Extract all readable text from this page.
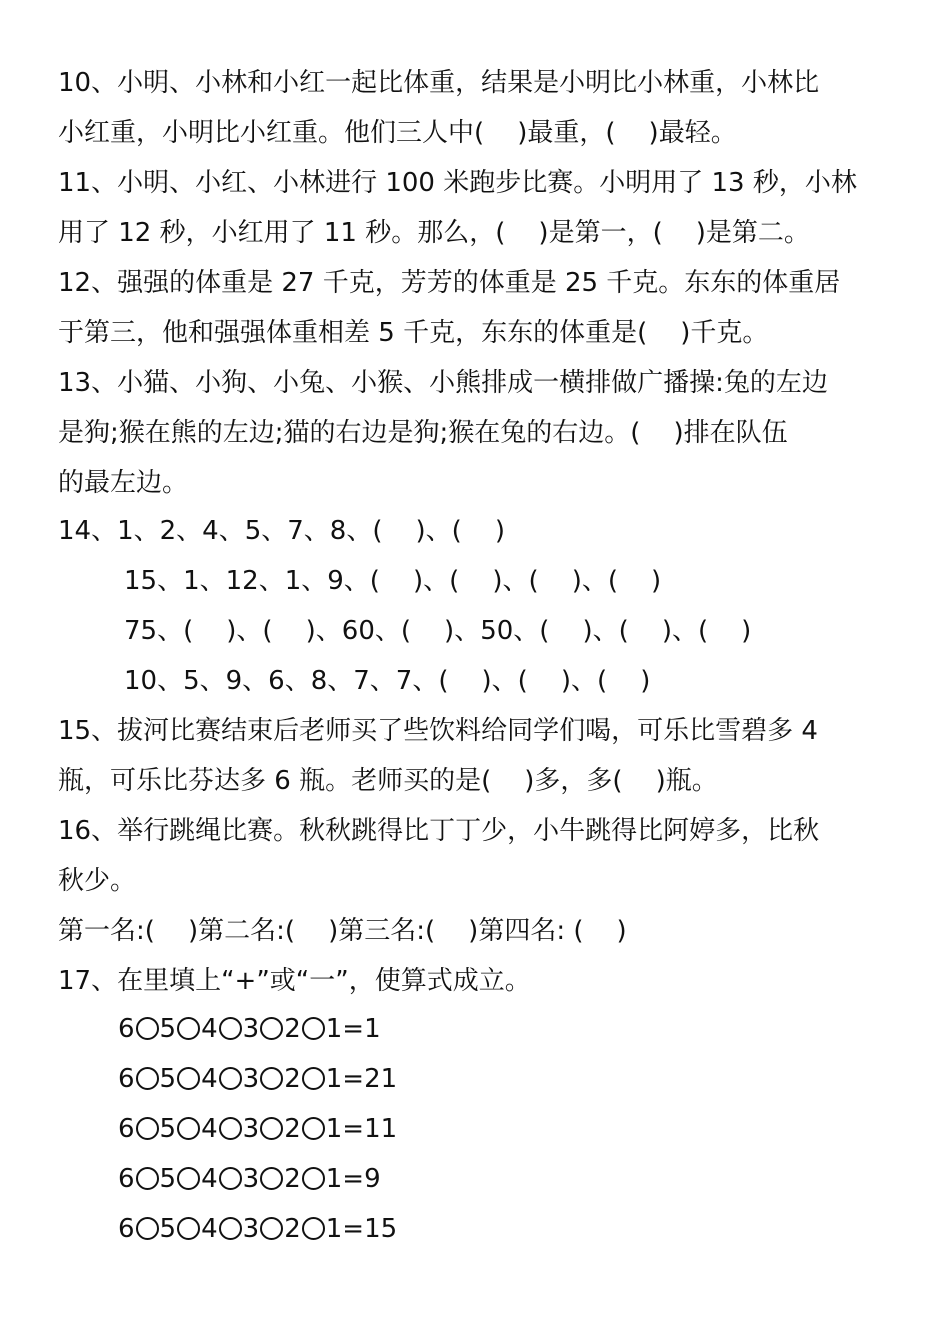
10、小明、小林和小红一起比体重，结果是小明比小林重，小林比
小红重，小明比小红重。他们三人中(    )最重，(    )最轻。
11、小明、小红、小林进行 100 米跑步比赛。小明用了 13 秒，小林
用了 12 秒，小红用了 11 秒。那么，(    )是第一，(    )是第二。
12、强强的体重是 27 千克，芳芳的体重是 25 千克。东东的体重居
于第三，他和强强体重相差 5 千克，东东的体重是(    )千克。
13、小猫、小狗、小兔、小猴、小熊排成一横排做广播操:兔的左边
是狗;猴在熊的左边;猫的右边是狗;猴在兔的右边。(    )排在队伍
的最左边。
14、1、2、4、5、7、8、(    )、(    )
15、1、12、1、9、(    )、(    )、(    )、(    )
75、(    )、(    )、60、(    )、50、(    )、(    )、(    )
10、5、9、6、8、7、7、(    )、(    )、(    )
15、拔河比赛结束后老师买了些饮料给同学们喝，可乐比雪碧多 4
瓶，可乐比芬达多 6 瓶。老师买的是(    )多，多(    )瓶。
16、举行跳绳比赛。秋秋跳得比丁丁少，小牛跳得比阿婷多，比秋
秋少。
第一名:(    )第二名:(    )第三名:(    )第四名: (    )
17、在里填上“+”或“一”，使算式成立。
6 5 4 3 2 1=1
6 5 4 3 2 1=21
6 5 4 3 2 1=11
6 5 4 3 2 1=9
6 5 4 3 2 1=15
